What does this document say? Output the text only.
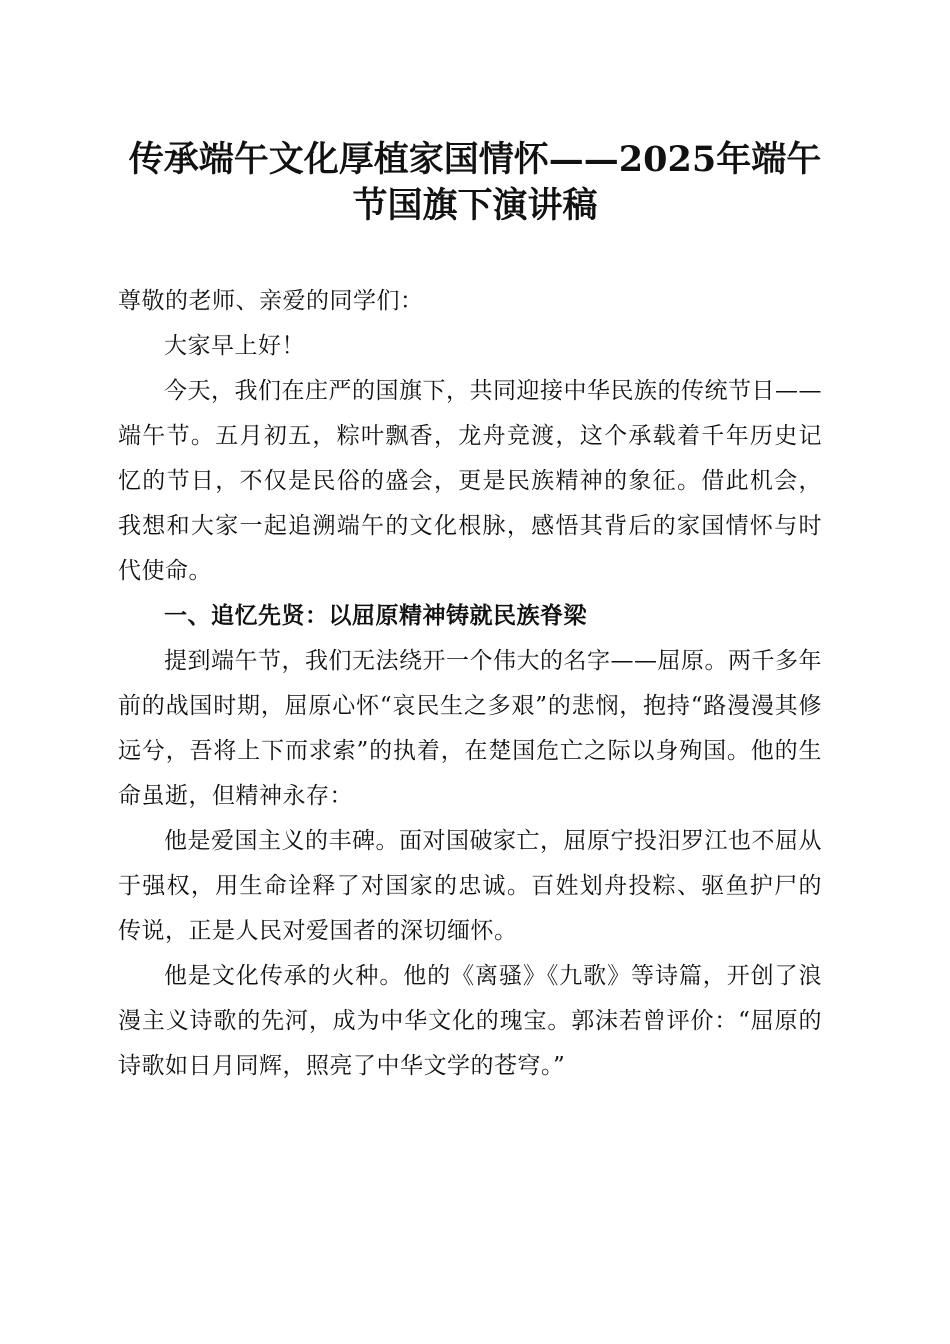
传承端午文化厚植家国情怀——2025年端午节国旗下演讲稿

尊敬的老师、亲爱的同学们：

大家早上好！

今天，我们在庄严的国旗下，共同迎接中华民族的传统节日——端午节。五月初五，粽叶飘香，龙舟竞渡，这个承载着千年历史记忆的节日，不仅是民俗的盛会，更是民族精神的象征。借此机会，我想和大家一起追溯端午的文化根脉，感悟其背后的家国情怀与时代使命。

一、追忆先贤：以屈原精神铸就民族脊梁

提到端午节，我们无法绕开一个伟大的名字——屈原。两千多年前的战国时期，屈原心怀“哀民生之多艰”的悲悯，抱持“路漫漫其修远兮，吾将上下而求索”的执着，在楚国危亡之际以身殉国。他的生命虽逝，但精神永存：

他是爱国主义的丰碑。面对国破家亡，屈原宁投汨罗江也不屈从于强权，用生命诠释了对国家的忠诚。百姓划舟投粽、驱鱼护尸的传说，正是人民对爱国者的深切缅怀。

他是文化传承的火种。他的《离骚》《九歌》等诗篇，开创了浪漫主义诗歌的先河，成为中华文化的瑰宝。郭沫若曾评价：“屈原的诗歌如日月同辉，照亮了中华文学的苍穹。”
